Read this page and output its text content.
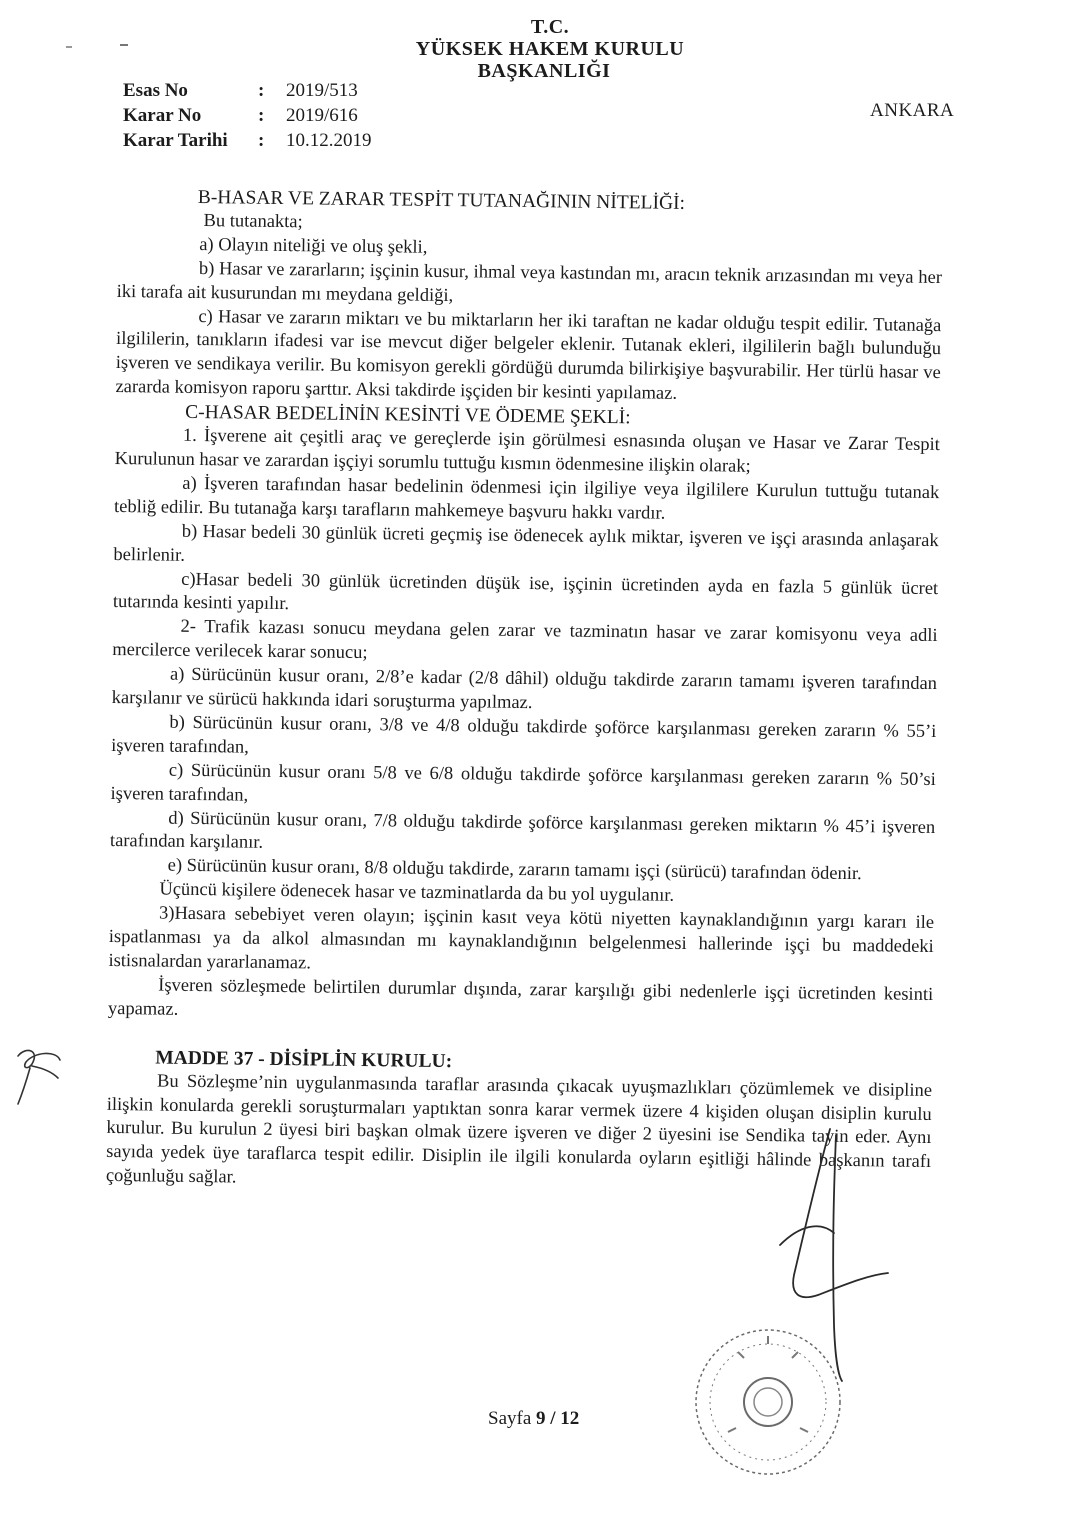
T.C.
YÜKSEK HAKEM KURULU
BAŞKANLIĞI
Esas No	:	2019/513
Karar No	:	2019/616
Karar Tarihi	:	10.12.2019
ANKARA

B-HASAR VE ZARAR TESPİT TUTANAĞININ NİTELİĞİ:

Bu tutanakta;

a) Olayın niteliği ve oluş şekli,

b) Hasar ve zararların; işçinin kusur, ihmal veya kastından mı, aracın teknik arızasından mı veya her iki tarafa ait kusurundan mı meydana geldiği,

c) Hasar ve zararın miktarı ve bu miktarların her iki taraftan ne kadar olduğu tespit edilir. Tutanağa ilgililerin, tanıkların ifadesi var ise mevcut diğer belgeler eklenir. Tutanak ekleri, ilgililerin bağlı bulunduğu işveren ve sendikaya verilir. Bu komisyon gerekli gördüğü durumda bilirkişiye başvurabilir. Her türlü hasar ve zararda komisyon raporu şarttır. Aksi takdirde işçiden bir kesinti yapılamaz.

C-HASAR BEDELİNİN KESİNTİ VE ÖDEME ŞEKLİ:

1. İşverene ait çeşitli araç ve gereçlerde işin görülmesi esnasında oluşan ve Hasar ve Zarar Tespit Kurulunun hasar ve zarardan işçiyi sorumlu tuttuğu kısmın ödenmesine ilişkin olarak;

a) İşveren tarafından hasar bedelinin ödenmesi için ilgiliye veya ilgililere Kurulun tuttuğu tutanak tebliğ edilir. Bu tutanağa karşı tarafların mahkemeye başvuru hakkı vardır.

b) Hasar bedeli 30 günlük ücreti geçmiş ise ödenecek aylık miktar, işveren ve işçi arasında anlaşarak belirlenir.

c)Hasar bedeli 30 günlük ücretinden düşük ise, işçinin ücretinden ayda en fazla 5 günlük ücret tutarında kesinti yapılır.

2- Trafik kazası sonucu meydana gelen zarar ve tazminatın hasar ve zarar komisyonu veya adli mercilerce verilecek karar sonucu;

a) Sürücünün kusur oranı, 2/8’e kadar (2/8 dâhil) olduğu takdirde zararın tamamı işveren tarafından karşılanır ve sürücü hakkında idari soruşturma yapılmaz.

b) Sürücünün kusur oranı, 3/8 ve 4/8 olduğu takdirde şoförce karşılanması gereken zararın % 55’i işveren tarafından,

c) Sürücünün kusur oranı 5/8 ve 6/8 olduğu takdirde şoförce karşılanması gereken zararın % 50’si işveren tarafından,

d) Sürücünün kusur oranı, 7/8 olduğu takdirde şoförce karşılanması gereken miktarın % 45’i işveren tarafından karşılanır.

e) Sürücünün kusur oranı, 8/8 olduğu takdirde, zararın tamamı işçi (sürücü) tarafından ödenir.

Üçüncü kişilere ödenecek hasar ve tazminatlarda da bu yol uygulanır.

3)Hasara sebebiyet veren olayın; işçinin kasıt veya kötü niyetten kaynaklandığının yargı kararı ile ispatlanması ya da alkol almasından mı kaynaklandığının belgelenmesi hallerinde işçi bu maddedeki istisnalardan yararlanamaz.

İşveren sözleşmede belirtilen durumlar dışında, zarar karşılığı gibi nedenlerle işçi ücretinden kesinti yapamaz.

MADDE 37 - DİSİPLİN KURULU:

Bu Sözleşme’nin uygulanmasında taraflar arasında çıkacak uyuşmazlıkları çözümlemek ve disipline ilişkin konularda gerekli soruşturmaları yaptıktan sonra karar vermek üzere 4 kişiden oluşan disiplin kurulu kurulur. Bu kurulun 2 üyesi biri başkan olmak üzere işveren ve diğer 2 üyesini ise Sendika tayin eder. Aynı sayıda yedek üye taraflarca tespit edilir. Disiplin ile ilgili konularda oyların eşitliği hâlinde başkanın tarafı çoğunluğu sağlar.

Sayfa 9 / 12
